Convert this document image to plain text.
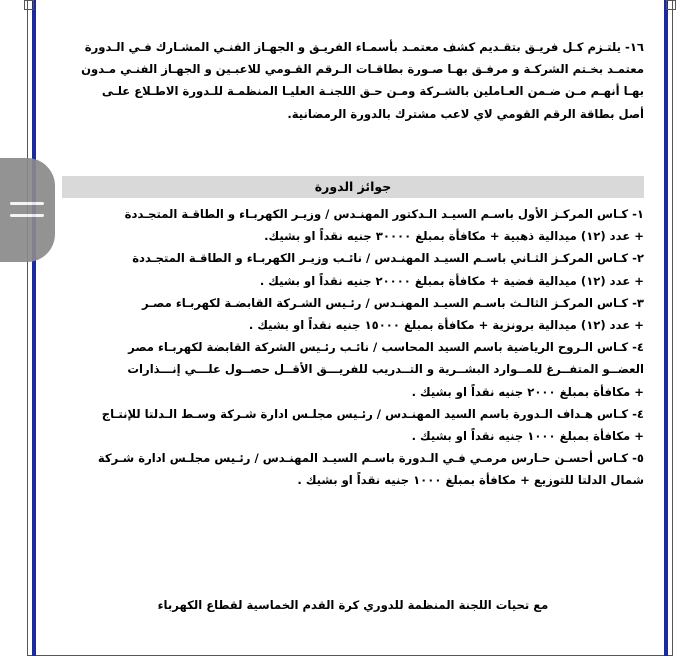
١٦- يلتـزم كـل فريـق بتقـديم كشف معتمـد بأسمـاء الفريـق و الجهـاز الفنـي المشـارك فـي الـدورة
معتمـد بخـتم الشركـة و مرفـق بهـا صـورة بطاقـات الـرقم القـومي للاعبـين و الجهـاز الفنـي مـدون
بهـا أنهـم مـن ضـمن العـاملين بالشـركة ومـن حـق اللجنـة العليـا المنظمـة للـدورة الاطـلاع علـى
أصل بطاقة الرقم القومي لاي لاعب مشترك بالدورة الرمضانية.
جوائز الدورة
١- كـاس المركـز الأول باسـم السيـد الـدكتور المهنـدس / وزيـر الكهربـاء و الطاقـة المتجـددة
+ عدد (١٢) ميدالية ذهبية + مكافأة بمبلغ ٣٠٠٠٠ جنيه نقداً او بشيك.
٢- كـاس المركـز الثـاني باسـم السيـد المهنـدس / نائـب وزيـر الكهربـاء و الطاقـة المتجـددة
+ عدد (١٢) ميدالية فضية + مكافأة بمبلغ ٢٠٠٠٠ جنيه نقداً او بشيك .
٣- كـاس المركـز الثالـث باسـم السيـد المهنـدس / رئـيس الشـركة القابضـة لكهربـاء مصـر
+ عدد (١٢) ميدالية برونزية + مكافأة بمبلغ ١٥٠٠٠ جنيه نقداً او بشيك .
٤- كـاس الـروح الرياضية باسم السيد المحاسب / نائـب رئـيس الشركة القابضة لكهربـاء مصر
العضــو المتفــرغ للمــوارد البشــرية و التــدريب للفريـــق الأقــل حصــول علـــي إنـــذارات
+ مكافأة بمبلغ ٢٠٠٠ جنيه نقداً او بشيك .
٤- كـاس هـداف الـدورة باسم السيد المهنـدس / رئـيس مجلـس ادارة شـركة وسـط الـدلتا للإنتـاج
+ مكافأة بمبلغ ١٠٠٠ جنيه نقداً او بشيك .
٥- كـاس أحسـن حـارس مرمـي فـي الـدورة باسـم السيـد المهنـدس / رئـيس مجلـس ادارة شـركة
شمال الدلتا للتوزيع + مكافأة بمبلغ ١٠٠٠ جنيه نقداً او بشيك .
مع تحيات اللجنة المنظمة للدوري كرة القدم الخماسية لقطاع الكهرباء
